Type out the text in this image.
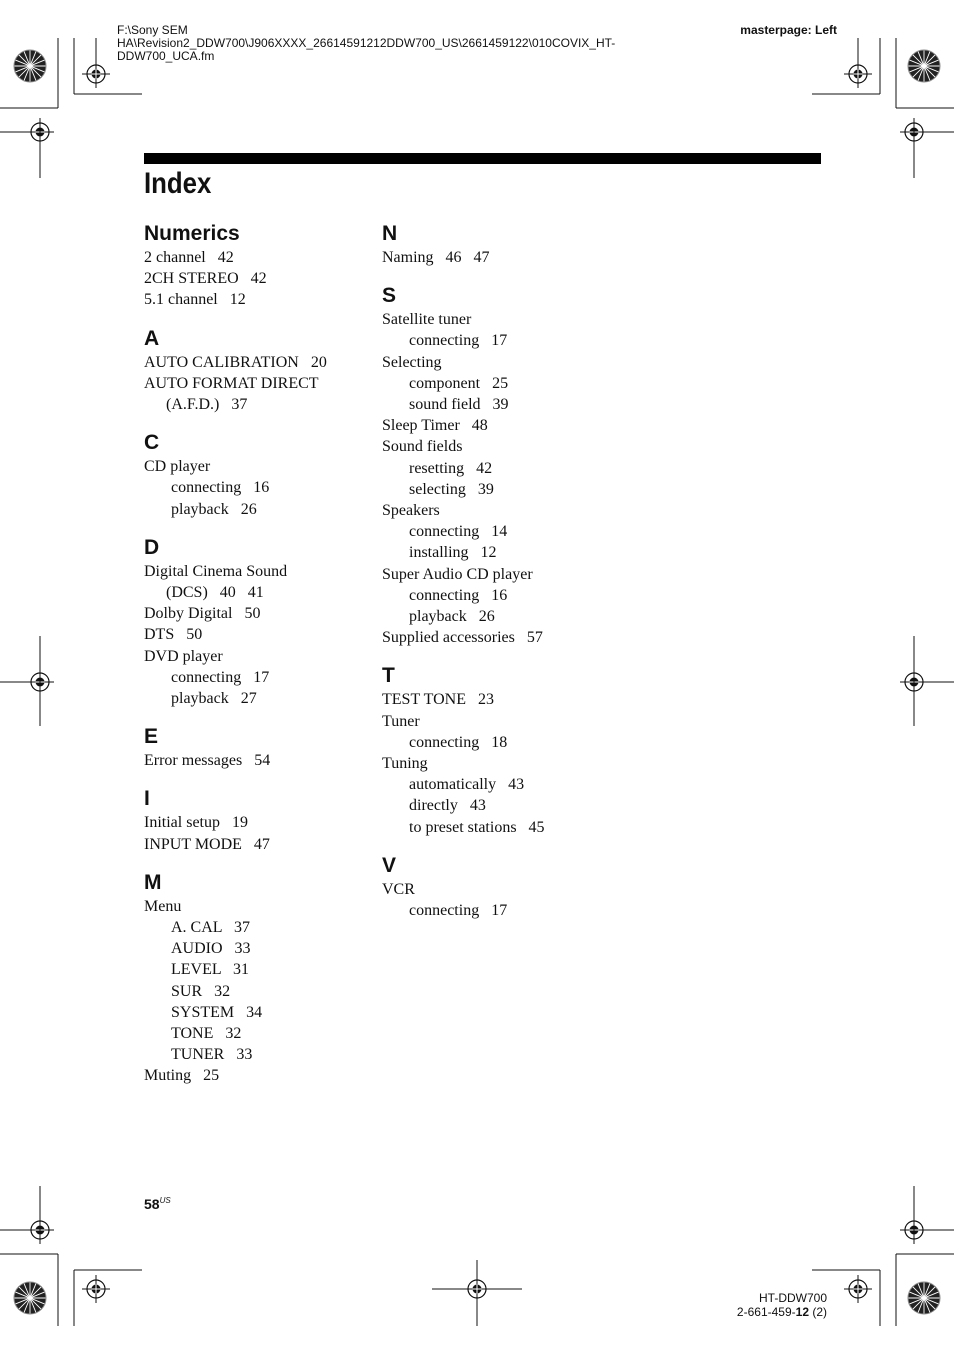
F:\Sony SEM
HA\Revision2_DDW700\J906XXXX_26614591212DDW700_US\2661459122\010COVIX_HT-
DDW700_UCA.fm
masterpage: Left
Index
Numerics
2 channel   42
2CH STEREO   42
5.1 channel   12
A
AUTO CALIBRATION   20
AUTO FORMAT DIRECT
(A.F.D.)   37
C
CD player
connecting   16
playback   26
D
Digital Cinema Sound
(DCS)   40   41
Dolby Digital   50
DTS   50
DVD player
connecting   17
playback   27
E
Error messages   54
I
Initial setup   19
INPUT MODE   47
M
Menu
A. CAL   37
AUDIO   33
LEVEL   31
SUR   32
SYSTEM   34
TONE   32
TUNER   33
Muting   25
N
Naming   46   47
S
Satellite tuner
connecting   17
Selecting
component   25
sound field   39
Sleep Timer   48
Sound fields
resetting   42
selecting   39
Speakers
connecting   14
installing   12
Super Audio CD player
connecting   16
playback   26
Supplied accessories   57
T
TEST TONE   23
Tuner
connecting   18
Tuning
automatically   43
directly   43
to preset stations   45
V
VCR
connecting   17
$58^{US}$
HT-DDW700
2-661-459-12 (2)
